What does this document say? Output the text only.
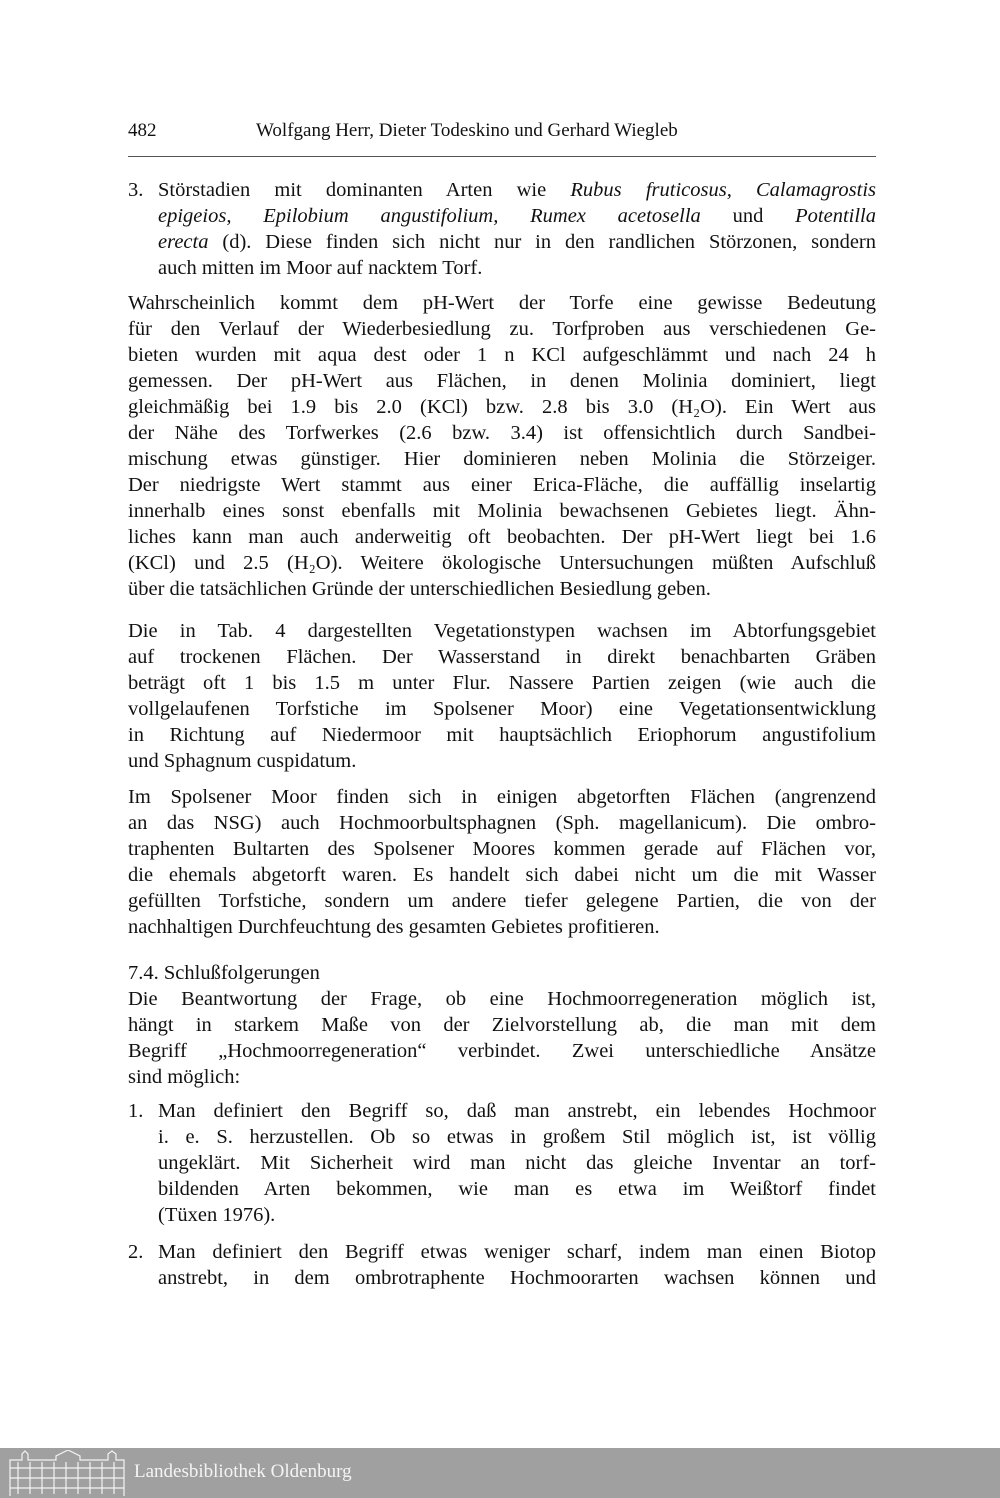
482	Wolfgang Herr, Dieter Todeskino und Gerhard Wiegleb
3. Störstadien mit dominanten Arten wie Rubus fruticosus, Calamagrostis
epigeios, Epilobium angustifolium, Rumex acetosella und Potentilla
erecta (d). Diese finden sich nicht nur in den randlichen Störzonen, sondern
auch mitten im Moor auf nacktem Torf.
Wahrscheinlich kommt dem pH-Wert der Torfe eine gewisse Bedeutung
für den Verlauf der Wiederbesiedlung zu. Torfproben aus verschiedenen Ge-
bieten wurden mit aqua dest oder 1 n KCl aufgeschlämmt und nach 24 h
gemessen. Der pH-Wert aus Flächen, in denen Molinia dominiert, liegt
gleichmäßig bei 1.9 bis 2.0 (KCl) bzw. 2.8 bis 3.0 (H₂O). Ein Wert aus
der Nähe des Torfwerkes (2.6 bzw. 3.4) ist offensichtlich durch Sandbei-
mischung etwas günstiger. Hier dominieren neben Molinia die Störzeiger.
Der niedrigste Wert stammt aus einer Erica-Fläche, die auffällig inselartig
innerhalb eines sonst ebenfalls mit Molinia bewachsenen Gebietes liegt. Ähn-
liches kann man auch anderweitig oft beobachten. Der pH-Wert liegt bei 1.6
(KCl) und 2.5 (H₂O). Weitere ökologische Untersuchungen müßten Aufschluß
über die tatsächlichen Gründe der unterschiedlichen Besiedlung geben.
Die in Tab. 4 dargestellten Vegetationstypen wachsen im Abtorfungsgebiet
auf trockenen Flächen. Der Wasserstand in direkt benachbarten Gräben
beträgt oft 1 bis 1.5 m unter Flur. Nassere Partien zeigen (wie auch die
vollgelaufenen Torfstiche im Spolsener Moor) eine Vegetationsentwicklung
in Richtung auf Niedermoor mit hauptsächlich Eriophorum angustifolium
und Sphagnum cuspidatum.
Im Spolsener Moor finden sich in einigen abgetorften Flächen (angrenzend
an das NSG) auch Hochmoorbultsphagnen (Sph. magellanicum). Die ombro-
traphenten Bultarten des Spolsener Moores kommen gerade auf Flächen vor,
die ehemals abgetorft waren. Es handelt sich dabei nicht um die mit Wasser
gefüllten Torfstiche, sondern um andere tiefer gelegene Partien, die von der
nachhaltigen Durchfeuchtung des gesamten Gebietes profitieren.
7.4. Schlußfolgerungen
Die Beantwortung der Frage, ob eine Hochmoorregeneration möglich ist,
hängt in starkem Maße von der Zielvorstellung ab, die man mit dem
Begriff „Hochmoorregeneration“ verbindet. Zwei unterschiedliche Ansätze
sind möglich:
1. Man definiert den Begriff so, daß man anstrebt, ein lebendes Hochmoor
i. e. S. herzustellen. Ob so etwas in großem Stil möglich ist, ist völlig
ungeklärt. Mit Sicherheit wird man nicht das gleiche Inventar an torf-
bildenden Arten bekommen, wie man es etwa im Weißtorf findet
(Tüxen 1976).
2. Man definiert den Begriff etwas weniger scharf, indem man einen Biotop
anstrebt, in dem ombrotraphente Hochmoorarten wachsen können und
Landesbibliothek Oldenburg
